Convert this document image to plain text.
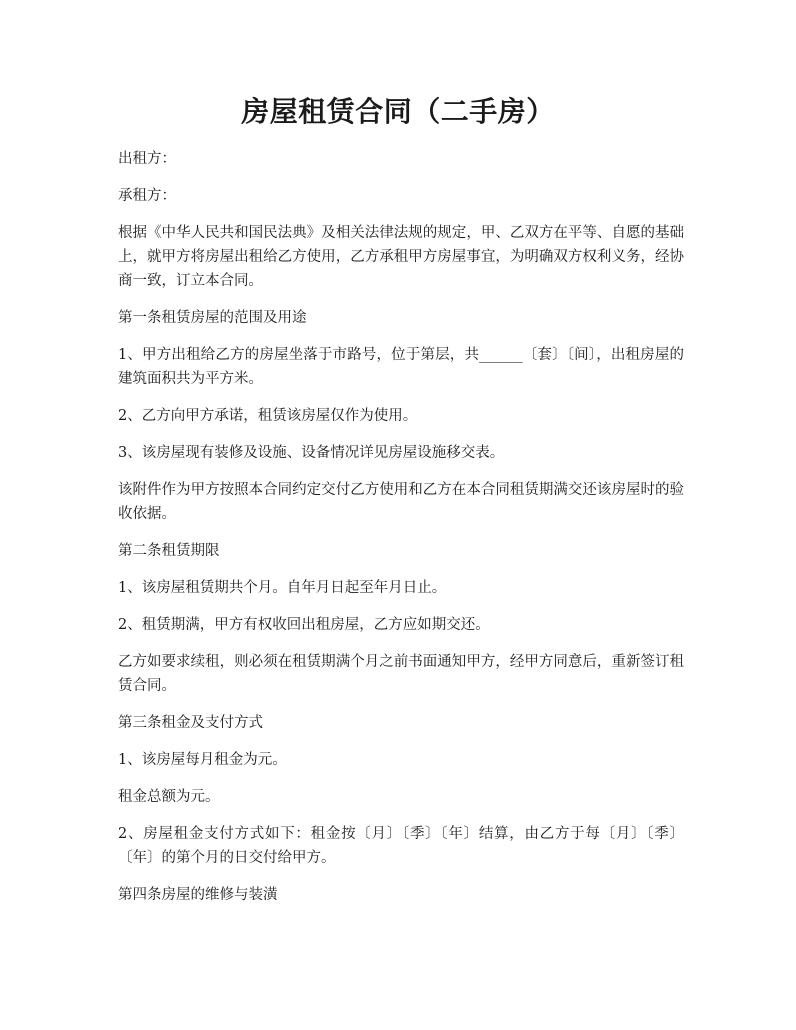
房屋租赁合同（二手房）

出租方：

承租方：

根据《中华人民共和国民法典》及相关法律法规的规定，甲、乙双方在平等、自愿的基础上，就甲方将房屋出租给乙方使用，乙方承租甲方房屋事宜，为明确双方权利义务，经协商一致，订立本合同。

第一条租赁房屋的范围及用途

1、甲方出租给乙方的房屋坐落于市路号，位于第层，共______〔套〕〔间〕，出租房屋的建筑面积共为平方米。

2、乙方向甲方承诺，租赁该房屋仅作为使用。

3、该房屋现有装修及设施、设备情况详见房屋设施移交表。

该附件作为甲方按照本合同约定交付乙方使用和乙方在本合同租赁期满交还该房屋时的验收依据。

第二条租赁期限

1、该房屋租赁期共个月。自年月日起至年月日止。

2、租赁期满，甲方有权收回出租房屋，乙方应如期交还。

乙方如要求续租，则必须在租赁期满个月之前书面通知甲方，经甲方同意后，重新签订租赁合同。

第三条租金及支付方式

1、该房屋每月租金为元。

租金总额为元。

2、房屋租金支付方式如下：租金按〔月〕〔季〕〔年〕结算，由乙方于每〔月〕〔季〕〔年〕的第个月的日交付给甲方。

第四条房屋的维修与装潢
